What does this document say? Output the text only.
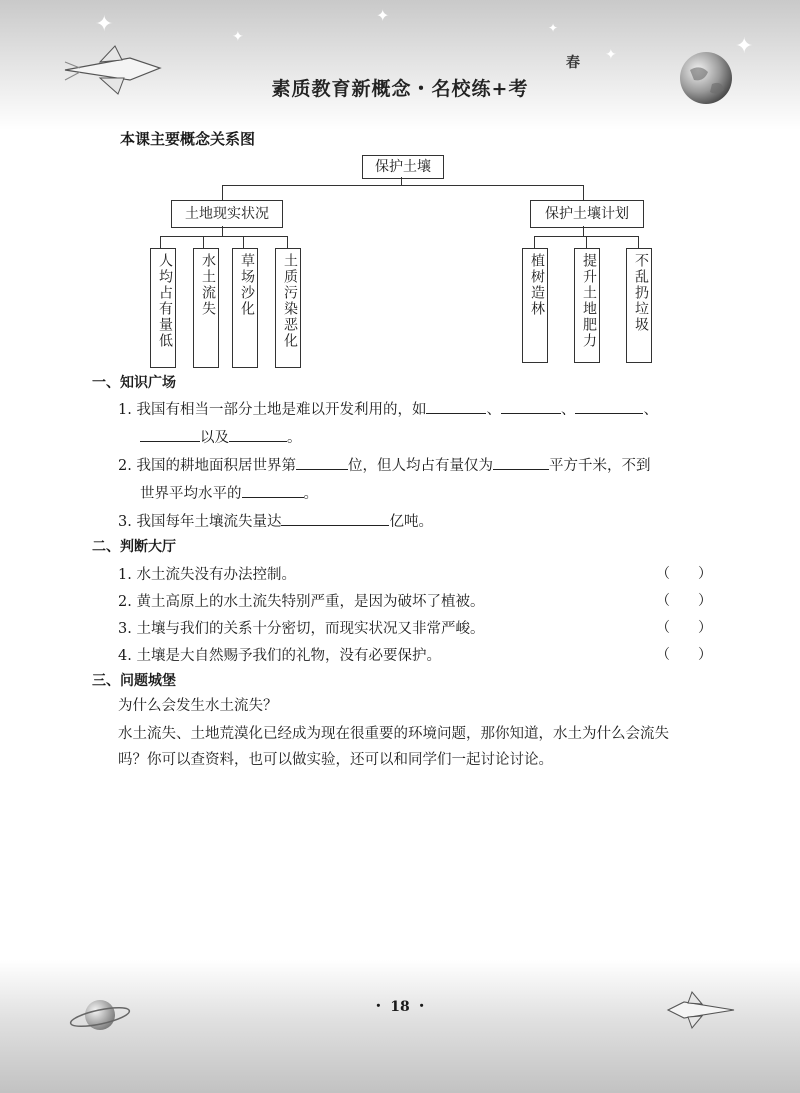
✦	✦
✦
✦	✦
✦
素质教育新概念・名校练+考
春
本课主要概念关系图
保护土壤
土地现实状况	保护土壤计划
人均占有量低	水土流失	草场沙化	土质污染恶化	植树造林	提升土地肥力	不乱扔垃圾
一、知识广场
1. 我国有相当一部分土地是难以开发利用的，如	、	、	、
以及	。
2. 我国的耕地面积居世界第	位，但人均占有量仅为	平方千米，不到
世界平均水平的	。
3. 我国每年土壤流失量达	亿吨。
二、判断大厅
1. 水土流失没有办法控制。	（　　）
2. 黄土高原上的水土流失特别严重，是因为破坏了植被。	（　　）
3. 土壤与我们的关系十分密切，而现实状况又非常严峻。	（　　）
4. 土壤是大自然赐予我们的礼物，没有必要保护。	（　　）
三、问题城堡
为什么会发生水土流失？
水土流失、土地荒漠化已经成为现在很重要的环境问题，那你知道，水土为什么会流失
吗？你可以查资料，也可以做实验，还可以和同学们一起讨论讨论。
・ 18 ・
